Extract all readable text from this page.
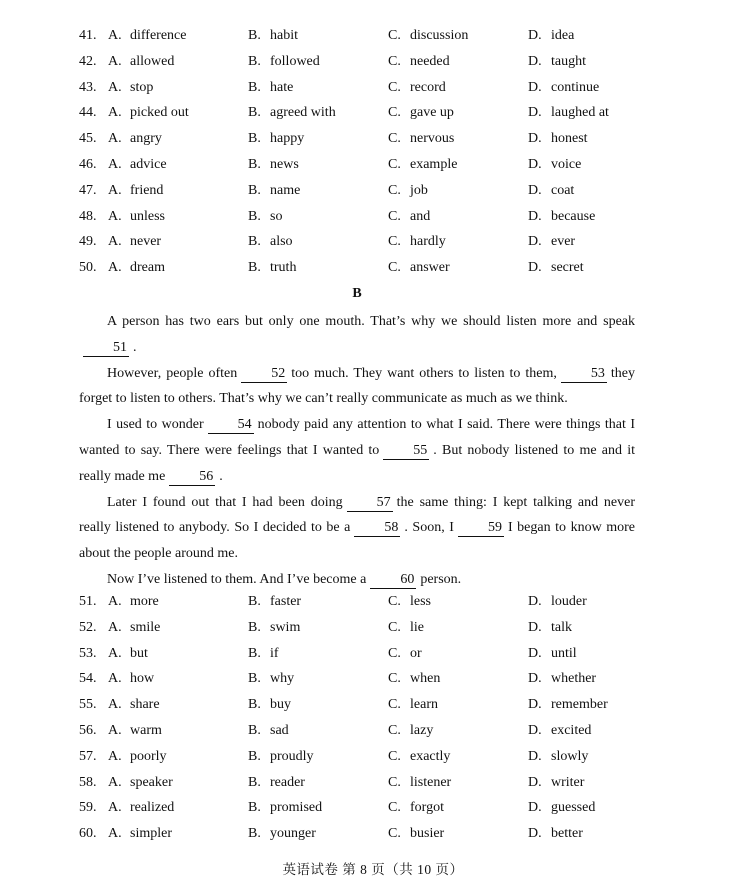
41. A. difference	B. habit	C. discussion	D. idea
42. A. allowed	B. followed	C. needed	D. taught
43. A. stop	B. hate	C. record	D. continue
44. A. picked out	B. agreed with	C. gave up	D. laughed at
45. A. angry	B. happy	C. nervous	D. honest
46. A. advice	B. news	C. example	D. voice
47. A. friend	B. name	C. job	D. coat
48. A. unless	B. so	C. and	D. because
49. A. never	B. also	C. hardly	D. ever
50. A. dream	B. truth	C. answer	D. secret
B

A person has two ears but only one mouth. That’s why we should listen more and speak51 .

However, people often 52 too much. They want others to listen to them, 53 they forget to listen to others. That’s why we can’t really communicate as much as we think.

I used to wonder 54 nobody paid any attention to what I said. There were things that I wanted to say. There were feelings that I wanted to 55 . But nobody listened to me and it really made me 56 .

Later I found out that I had been doing 57 the same thing: I kept talking and never really listened to anybody. So I decided to be a 58 . Soon, I 59 I began to know more about the people around me.

Now I’ve listened to them. And I’ve become a 60 person.

51. A. more	B. faster	C. less	D. louder
52. A. smile	B. swim	C. lie	D. talk
53. A. but	B. if	C. or	D. until
54. A. how	B. why	C. when	D. whether
55. A. share	B. buy	C. learn	D. remember
56. A. warm	B. sad	C. lazy	D. excited
57. A. poorly	B. proudly	C. exactly	D. slowly
58. A. speaker	B. reader	C. listener	D. writer
59. A. realized	B. promised	C. forgot	D. guessed
60. A. simpler	B. younger	C. busier	D. better
英语试卷 第 8 页（共 10 页）
